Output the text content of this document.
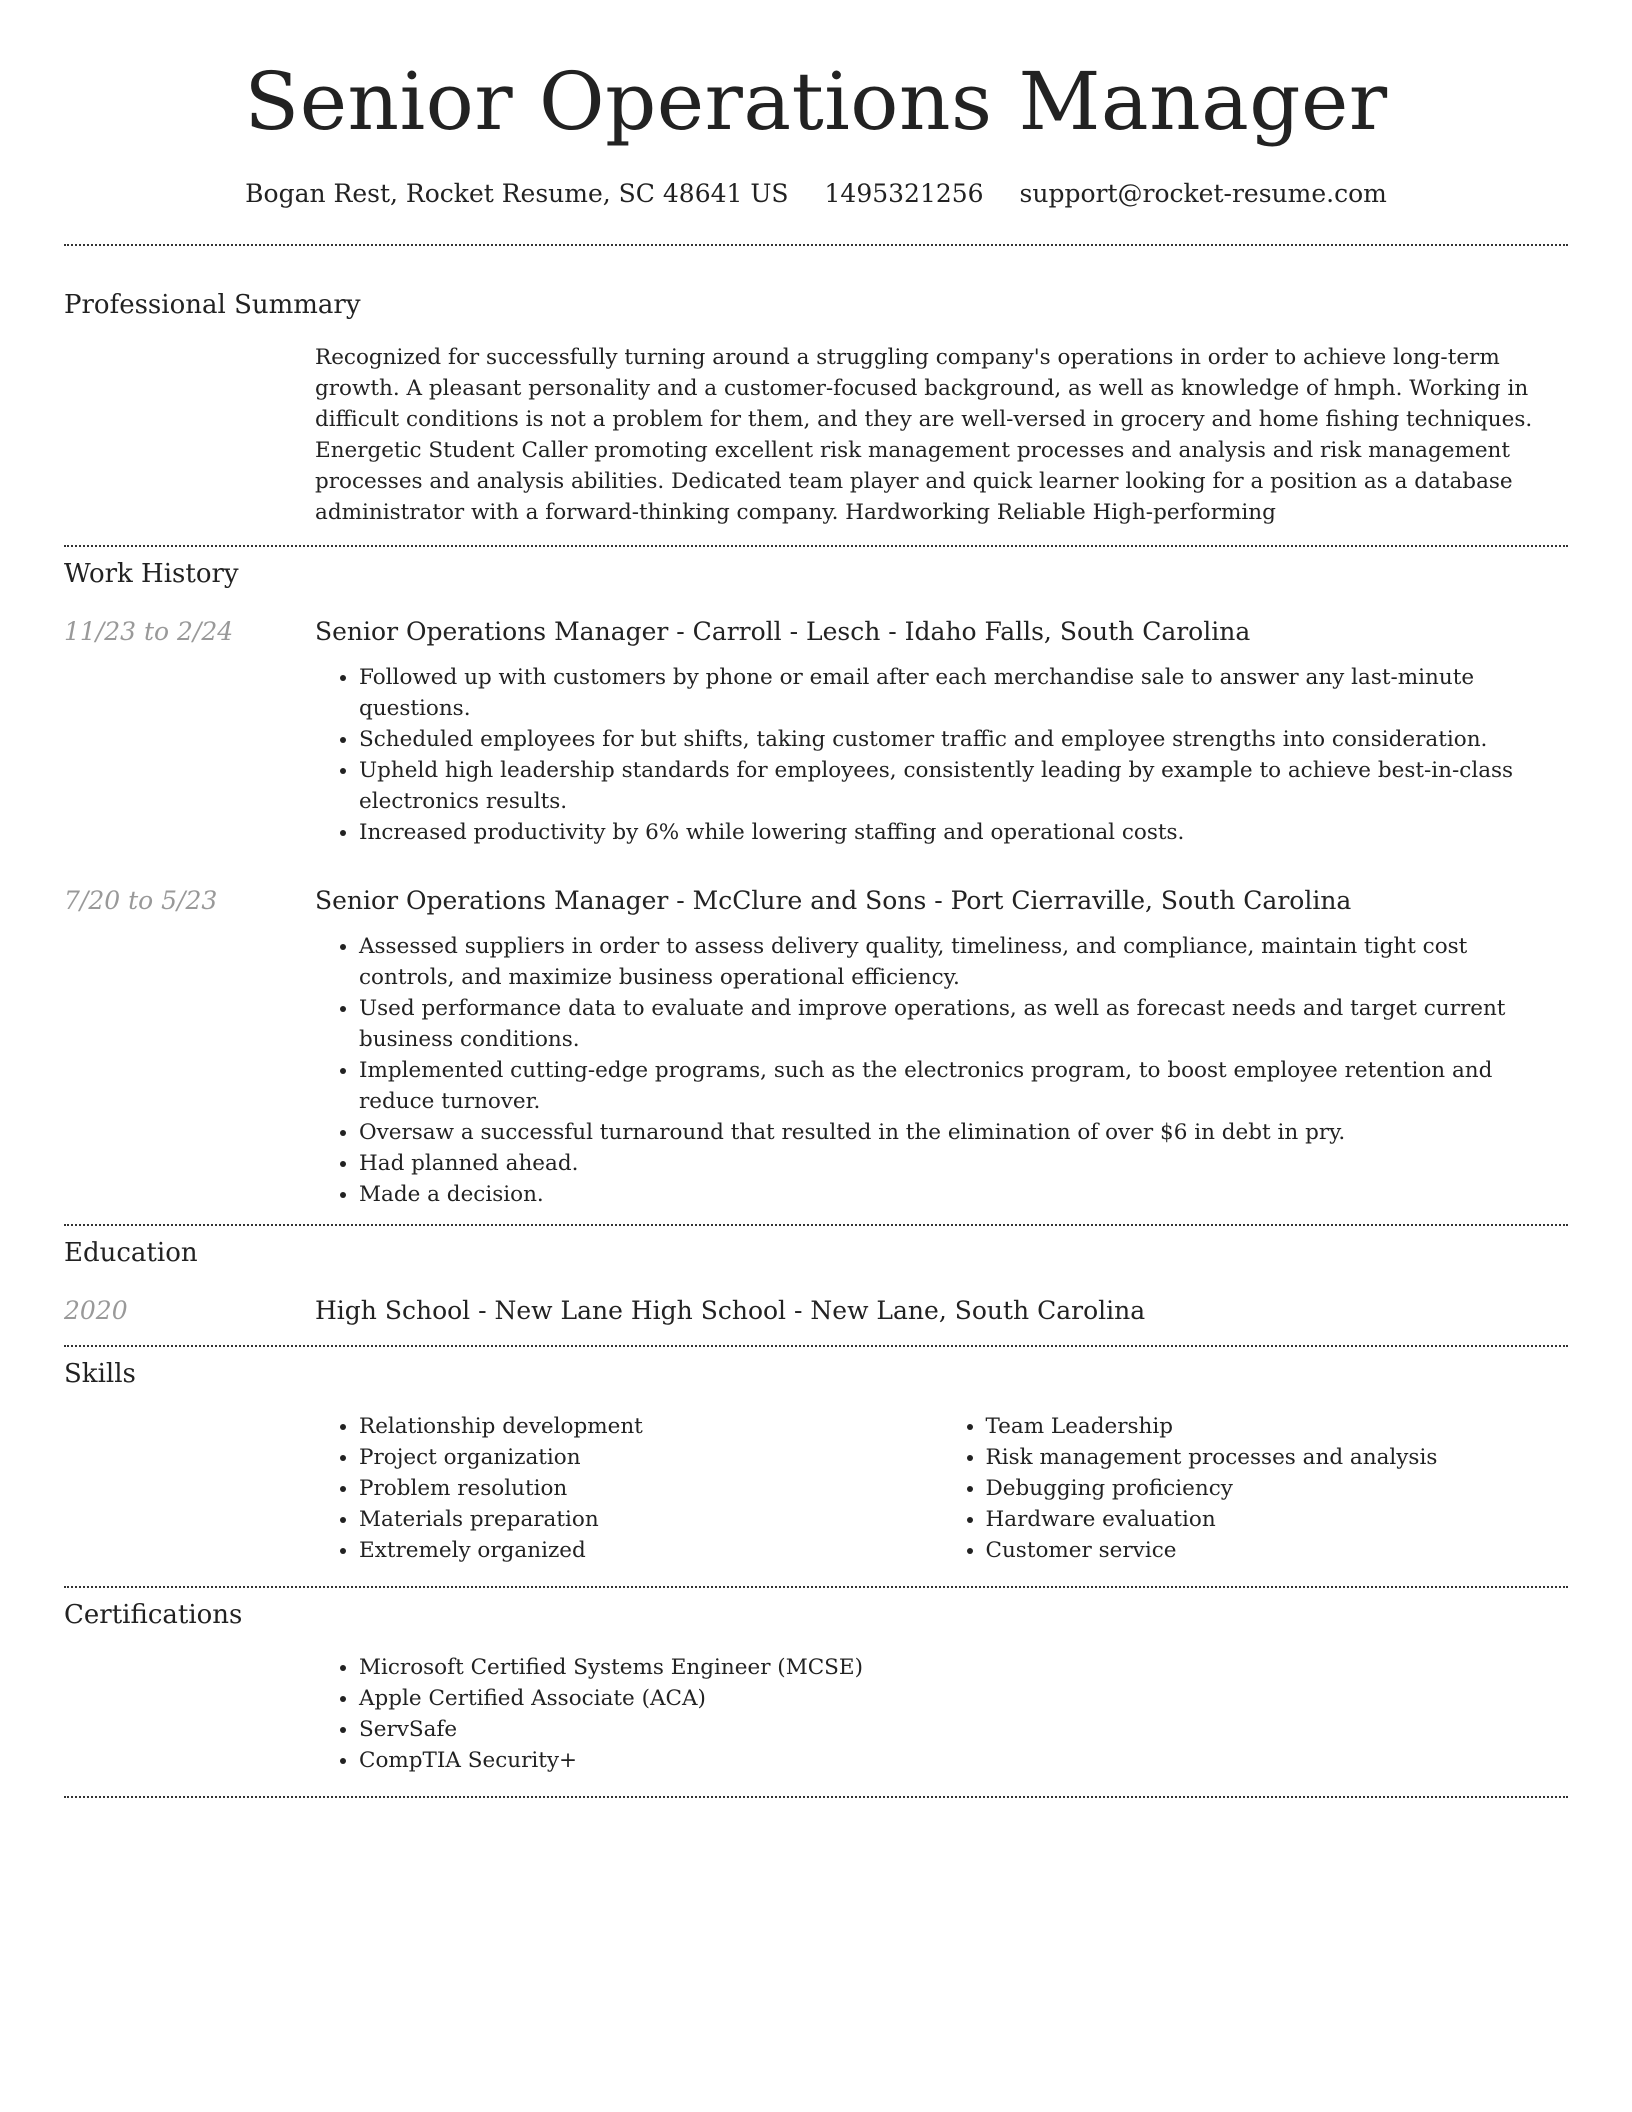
Senior Operations Manager
Bogan Rest, Rocket Resume, SC 48641 US 1495321256 support@rocket-resume.com
Professional Summary

Recognized for successfully turning around a struggling company's operations in order to achieve long-term growth. A pleasant personality and a customer-focused background, as well as knowledge of hmph. Working in difficult conditions is not a problem for them, and they are well-versed in grocery and home fishing techniques. Energetic Student Caller promoting excellent risk management processes and analysis and risk management processes and analysis abilities. Dedicated team player and quick learner looking for a position as a database administrator with a forward-thinking company. Hardworking Reliable High-performing

Work History
11/23 to 2/24	Senior Operations Manager - Carroll - Lesch - Idaho Falls, South Carolina
• Followed up with customers by phone or email after each merchandise sale to answer any last-minute questions.
• Scheduled employees for but shifts, taking customer traffic and employee strengths into consideration.
• Upheld high leadership standards for employees, consistently leading by example to achieve best-in-class electronics results.
• Increased productivity by 6% while lowering staffing and operational costs.
7/20 to 5/23	Senior Operations Manager - McClure and Sons - Port Cierraville, South Carolina
• Assessed suppliers in order to assess delivery quality, timeliness, and compliance, maintain tight cost controls, and maximize business operational efficiency.
• Used performance data to evaluate and improve operations, as well as forecast needs and target current business conditions.
• Implemented cutting-edge programs, such as the electronics program, to boost employee retention and reduce turnover.
• Oversaw a successful turnaround that resulted in the elimination of over $6 in debt in pry.
• Had planned ahead.
• Made a decision.
Education
2020	High School - New Lane High School - New Lane, South Carolina
Skills
• Relationship development
• Project organization
• Problem resolution
• Materials preparation
• Extremely organized
• Team Leadership
• Risk management processes and analysis
• Debugging proficiency
• Hardware evaluation
• Customer service
Certifications
• Microsoft Certified Systems Engineer (MCSE)
• Apple Certified Associate (ACA)
• ServSafe
• CompTIA Security+
